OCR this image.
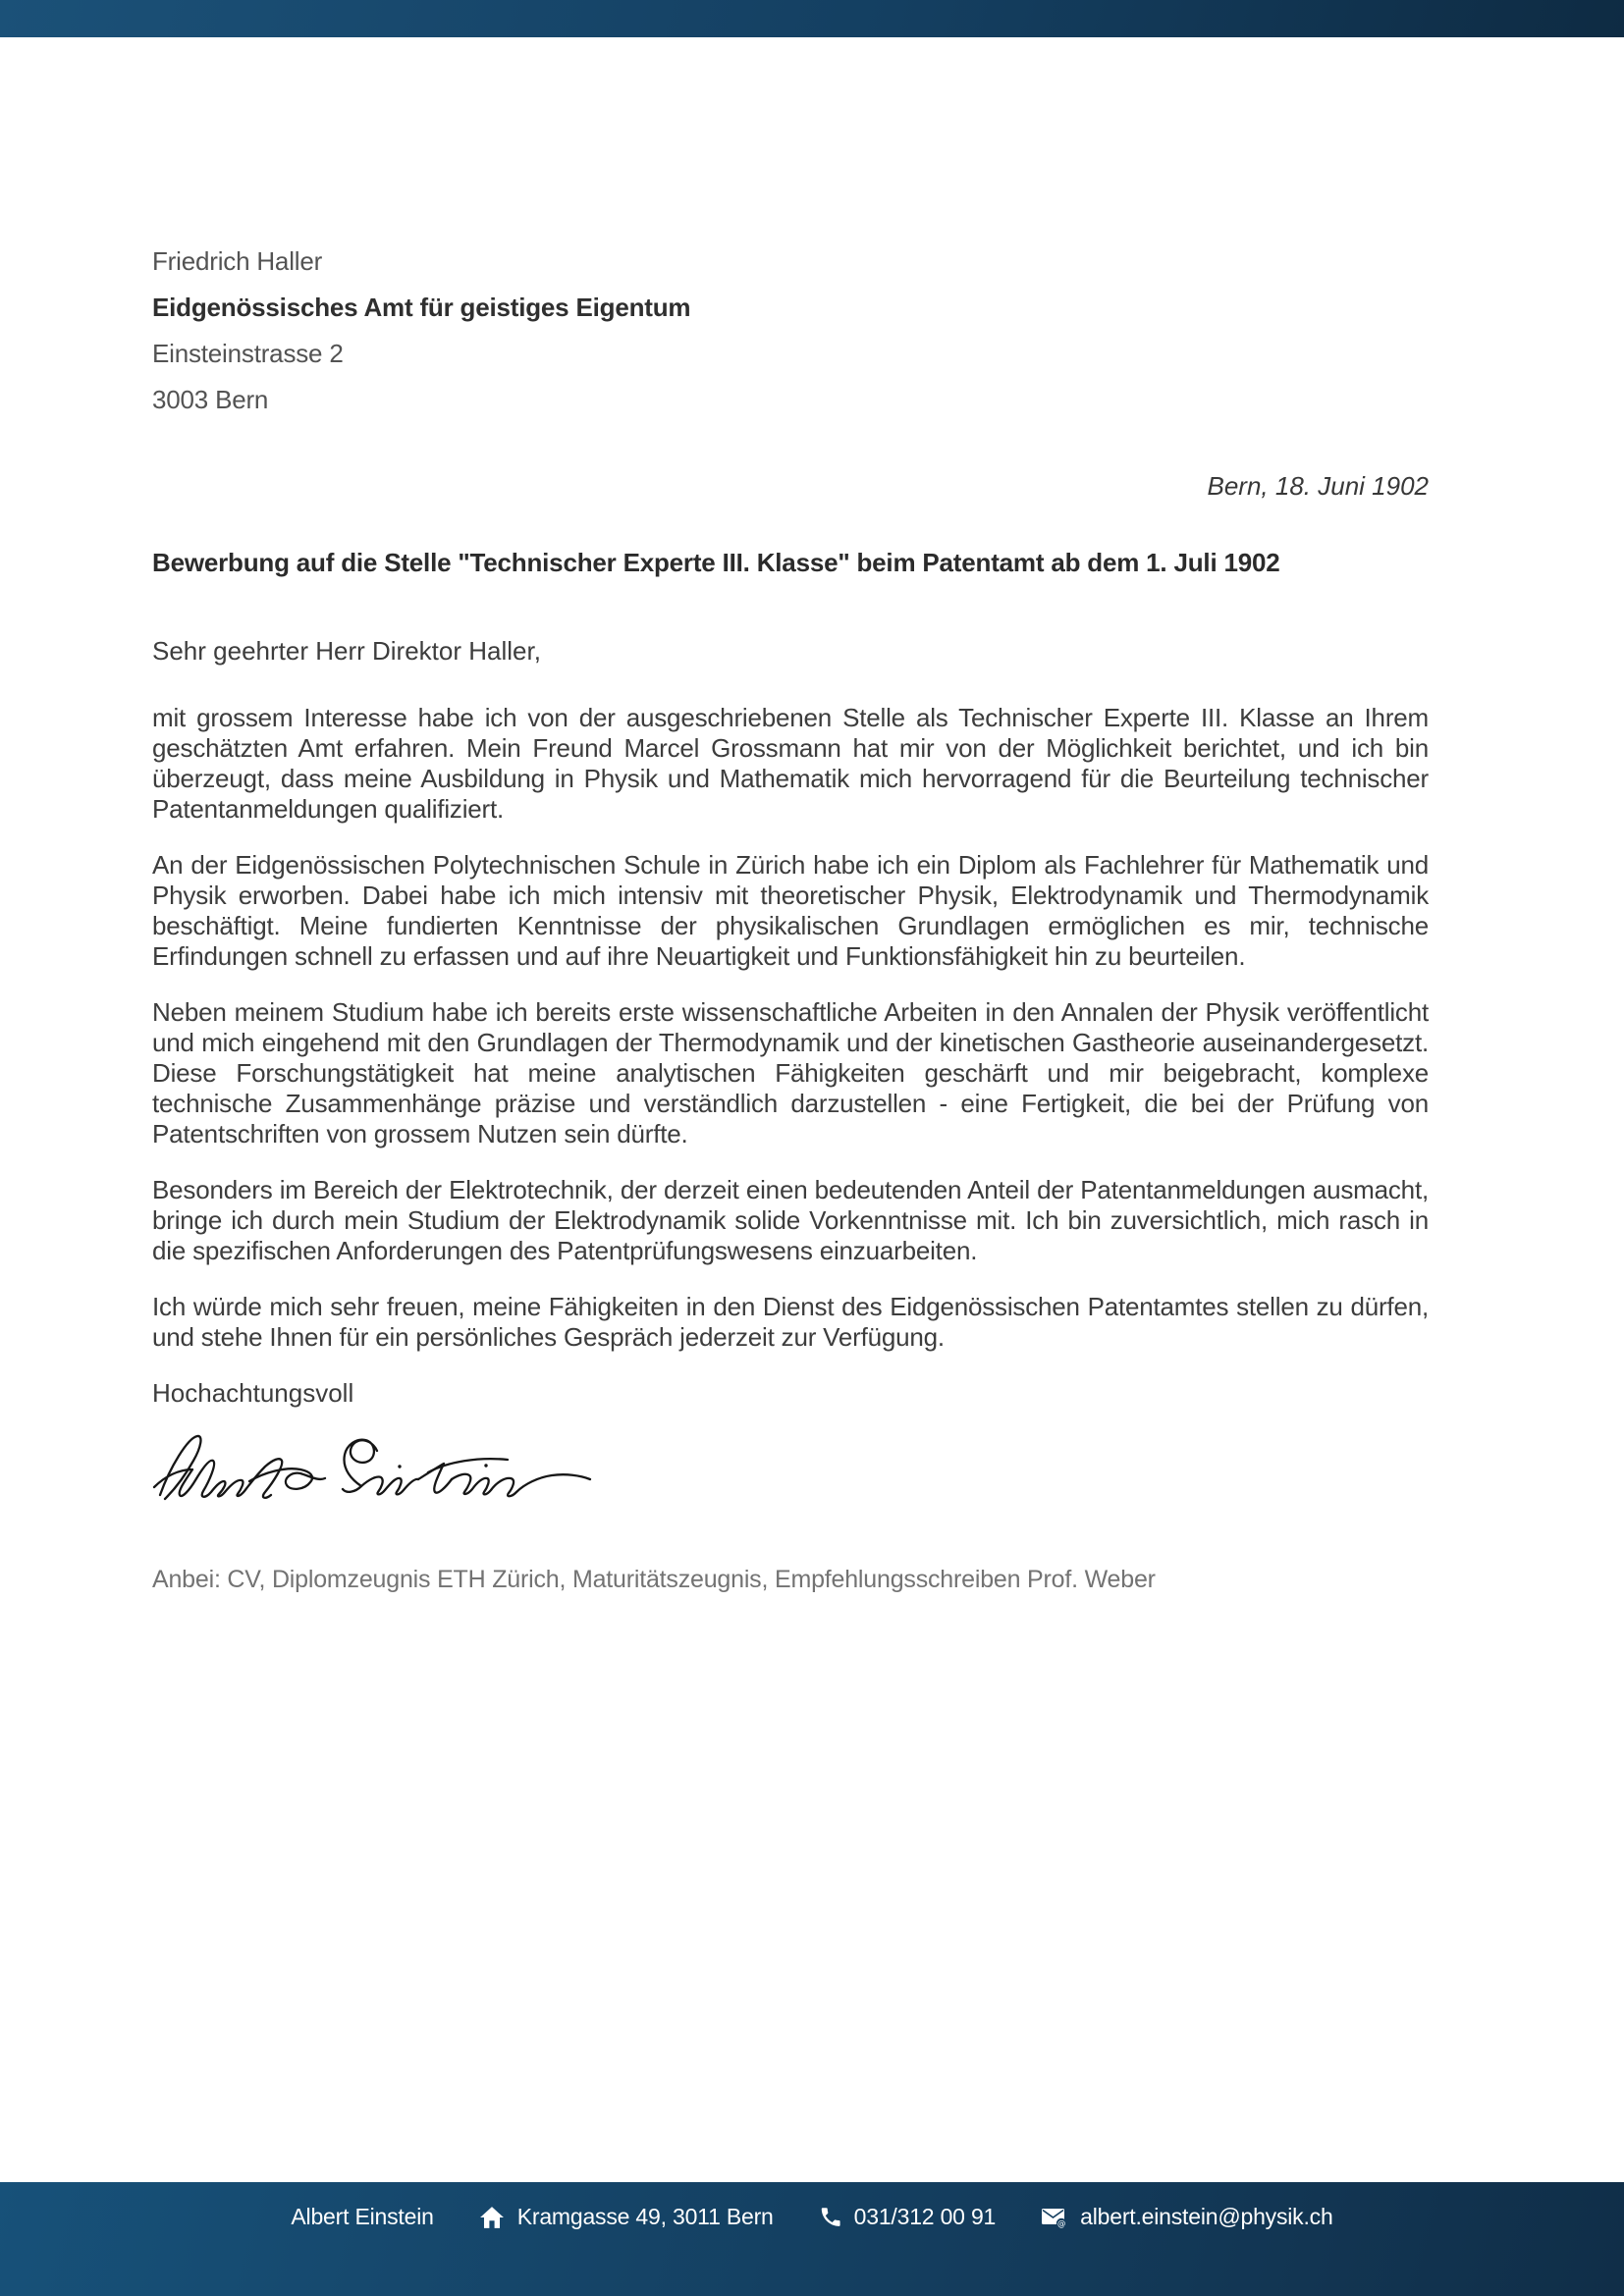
Friedrich Haller
Eidgenössisches Amt für geistiges Eigentum
Einsteinstrasse 2
3003 Bern
Bern, 18. Juni 1902
Bewerbung auf die Stelle "Technischer Experte III. Klasse" beim Patentamt ab dem 1. Juli 1902
Sehr geehrter Herr Direktor Haller,

mit grossem Interesse habe ich von der ausgeschriebenen Stelle als Technischer Experte III. Klasse an Ihrem geschätzten Amt erfahren. Mein Freund Marcel Grossmann hat mir von der Möglichkeit berichtet, und ich bin überzeugt, dass meine Ausbildung in Physik und Mathematik mich hervorragend für die Beurteilung technischer Patentanmeldungen qualifiziert.

An der Eidgenössischen Polytechnischen Schule in Zürich habe ich ein Diplom als Fachlehrer für Mathematik und Physik erworben. Dabei habe ich mich intensiv mit theoretischer Physik, Elektrodynamik und Thermodynamik beschäftigt. Meine fundierten Kenntnisse der physikalischen Grundlagen ermöglichen es mir, technische Erfindungen schnell zu erfassen und auf ihre Neuartigkeit und Funktionsfähigkeit hin zu beurteilen.

Neben meinem Studium habe ich bereits erste wissenschaftliche Arbeiten in den Annalen der Physik veröffentlicht und mich eingehend mit den Grundlagen der Thermodynamik und der kinetischen Gastheorie auseinandergesetzt. Diese Forschungstätigkeit hat meine analytischen Fähigkeiten geschärft und mir beigebracht, komplexe technische Zusammenhänge präzise und verständlich darzustellen - eine Fertigkeit, die bei der Prüfung von Patentschriften von grossem Nutzen sein dürfte.

Besonders im Bereich der Elektrotechnik, der derzeit einen bedeutenden Anteil der Patentanmeldungen ausmacht, bringe ich durch mein Studium der Elektrodynamik solide Vorkenntnisse mit. Ich bin zuversichtlich, mich rasch in die spezifischen Anforderungen des Patentprüfungswesens einzuarbeiten.

Ich würde mich sehr freuen, meine Fähigkeiten in den Dienst des Eidgenössischen Patentamtes stellen zu dürfen, und stehe Ihnen für ein persönliches Gespräch jederzeit zur Verfügung.

Hochachtungsvoll
Anbei: CV, Diplomzeugnis ETH Zürich, Maturitätszeugnis, Empfehlungsschreiben Prof. Weber
Albert Einstein	Kramgasse 49, 3011 Bern	031/312 00 91	@ albert.einstein@physik.ch
